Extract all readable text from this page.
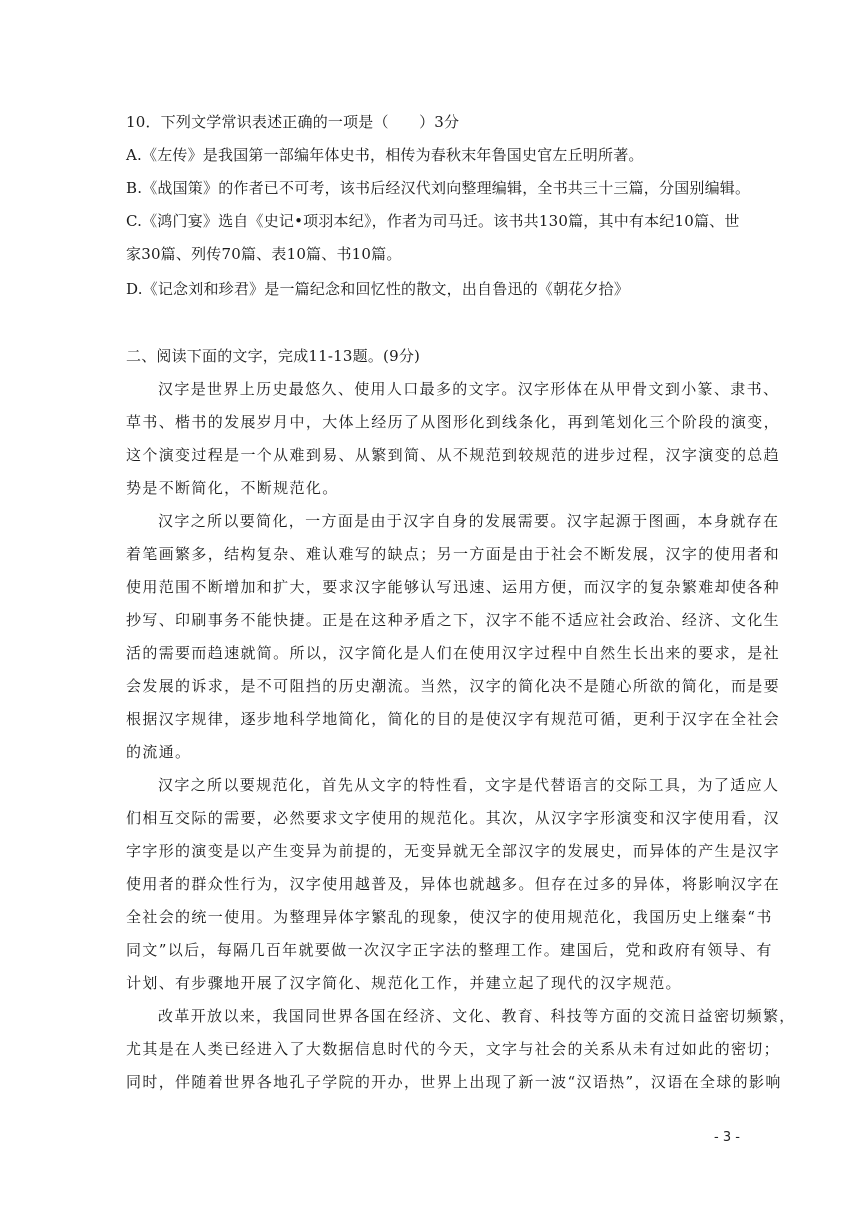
10．下列文学常识表述正确的一项是（　　）3分
A.《左传》是我国第一部编年体史书，相传为春秋末年鲁国史官左丘明所著。
B.《战国策》的作者已不可考，该书后经汉代刘向整理编辑，全书共三十三篇，分国别编辑。
C.《鸿门宴》选自《史记•项羽本纪》，作者为司马迁。该书共130篇，其中有本纪10篇、世
家30篇、列传70篇、表10篇、书10篇。
D.《记念刘和珍君》是一篇纪念和回忆性的散文，出自鲁迅的《朝花夕拾》
二、阅读下面的文字，完成11-13题。(9分)
汉字是世界上历史最悠久、使用人口最多的文字。汉字形体在从甲骨文到小篆、隶书、
草书、楷书的发展岁月中，大体上经历了从图形化到线条化，再到笔划化三个阶段的演变，
这个演变过程是一个从难到易、从繁到简、从不规范到较规范的进步过程，汉字演变的总趋
势是不断简化，不断规范化。
汉字之所以要简化，一方面是由于汉字自身的发展需要。汉字起源于图画，本身就存在
着笔画繁多，结构复杂、难认难写的缺点；另一方面是由于社会不断发展，汉字的使用者和
使用范围不断增加和扩大，要求汉字能够认写迅速、运用方便，而汉字的复杂繁难却使各种
抄写、印刷事务不能快捷。正是在这种矛盾之下，汉字不能不适应社会政治、经济、文化生
活的需要而趋速就简。所以，汉字简化是人们在使用汉字过程中自然生长出来的要求，是社
会发展的诉求，是不可阻挡的历史潮流。当然，汉字的简化决不是随心所欲的简化，而是要
根据汉字规律，逐步地科学地简化，简化的目的是使汉字有规范可循，更利于汉字在全社会
的流通。
汉字之所以要规范化，首先从文字的特性看，文字是代替语言的交际工具，为了适应人
们相互交际的需要，必然要求文字使用的规范化。其次，从汉字字形演变和汉字使用看，汉
字字形的演变是以产生变异为前提的，无变异就无全部汉字的发展史，而异体的产生是汉字
使用者的群众性行为，汉字使用越普及，异体也就越多。但存在过多的异体，将影响汉字在
全社会的统一使用。为整理异体字繁乱的现象，使汉字的使用规范化，我国历史上继秦“书
同文”以后，每隔几百年就要做一次汉字正字法的整理工作。建国后，党和政府有领导、有
计划、有步骤地开展了汉字简化、规范化工作，并建立起了现代的汉字规范。
改革开放以来，我国同世界各国在经济、文化、教育、科技等方面的交流日益密切频繁，
尤其是在人类已经进入了大数据信息时代的今天，文字与社会的关系从未有过如此的密切；
同时，伴随着世界各地孔子学院的开办，世界上出现了新一波“汉语热”，汉语在全球的影响
- 3 -
